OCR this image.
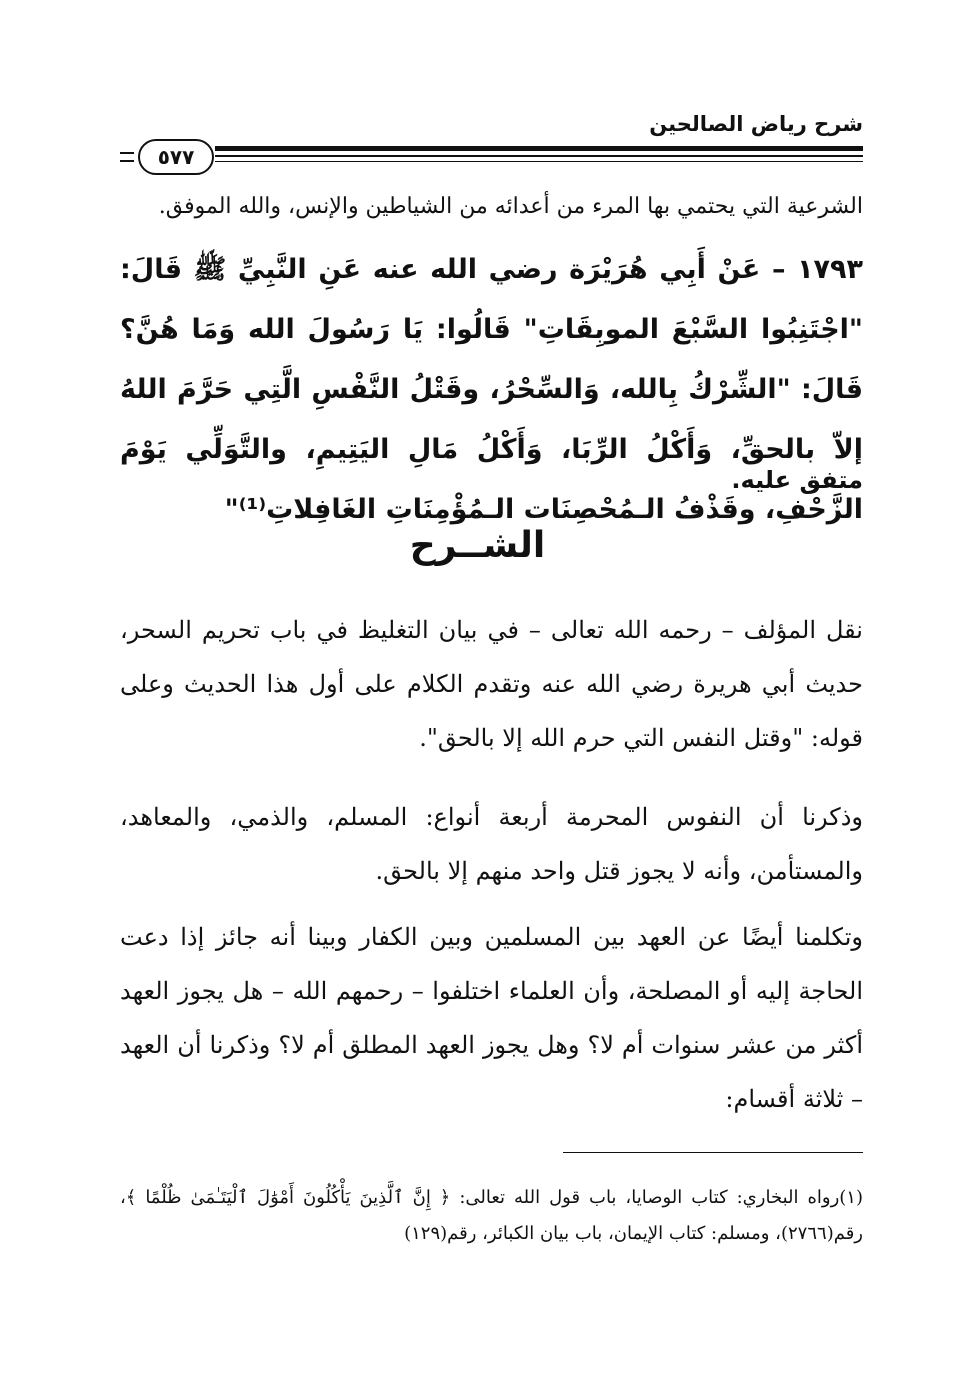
شرح رياض الصالحين
٥٧٧

الشرعية التي يحتمي بها المرء من أعدائه من الشياطين والإنس، والله الموفق.

١٧٩٣ – عَنْ أَبِي هُرَيْرَة رضي الله عنه عَنِ النَّبِيِّ ﷺ قَالَ: "اجْتَنِبُوا السَّبْعَ الموبِقَاتِ" قَالُوا: يَا رَسُولَ الله وَمَا هُنَّ؟ قَالَ: "الشِّرْكُ بِالله، وَالسِّحْرُ، وقَتْلُ النَّفْسِ الَّتِي حَرَّمَ اللهُ إلاّ بالحقِّ، وَأَكْلُ الرِّبَا، وَأَكْلُ مَالِ اليَتِيمِ، والتَّوَلِّي يَوْمَ الزَّحْفِ، وقَذْفُ الـمُحْصِنَات الـمُؤْمِنَاتِ الغَافِلاتِ⁽¹⁾"

متفق عليه.

الشــرح

نقل المؤلف – رحمه الله تعالى – في بيان التغليظ في باب تحريم السحر، حديث أبي هريرة رضي الله عنه وتقدم الكلام على أول هذا الحديث وعلى قوله: "وقتل النفس التي حرم الله إلا بالحق".

وذكرنا أن النفوس المحرمة أربعة أنواع: المسلم، والذمي، والمعاهد، والمستأمن، وأنه لا يجوز قتل واحد منهم إلا بالحق.

وتكلمنا أيضًا عن العهد بين المسلمين وبين الكفار وبينا أنه جائز إذا دعت الحاجة إليه أو المصلحة، وأن العلماء اختلفوا – رحمهم الله – هل يجوز العهد أكثر من عشر سنوات أم لا؟ وهل يجوز العهد المطلق أم لا؟ وذكرنا أن العهد – ثلاثة أقسام:

(١)رواه البخاري: كتاب الوصايا، باب قول الله تعالى: ﴿ إِنَّ ٱلَّذِينَ يَأْكُلُونَ أَمْوَٰلَ ٱلْيَتَـٰمَىٰ ظُلْمًا ﴾، رقم(٢٧٦٦)، ومسلم: كتاب الإيمان، باب بيان الكبائر، رقم(١٢٩)
